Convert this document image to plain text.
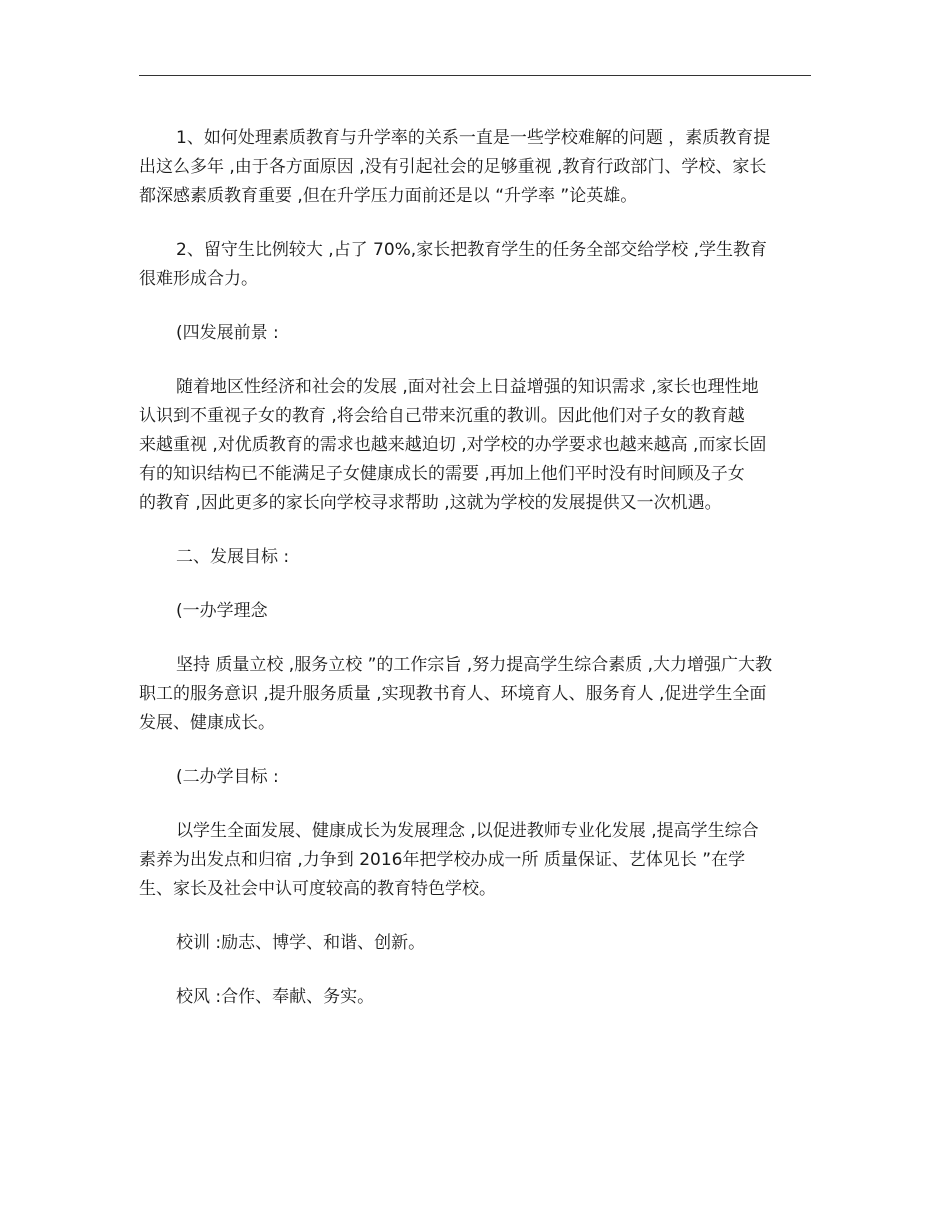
1、如何处理素质教育与升学率的关系一直是一些学校难解的问题 ，素质教育提
出这么多年 ,由于各方面原因 ,没有引起社会的足够重视 ,教育行政部门、学校、家长
都深感素质教育重要 ,但在升学压力面前还是以 “升学率 ”论英雄。

2、留守生比例较大 ,占了 70%,家长把教育学生的任务全部交给学校 ,学生教育
很难形成合力。

(四发展前景 :

随着地区性经济和社会的发展 ,面对社会上日益增强的知识需求 ,家长也理性地
认识到不重视子女的教育 ,将会给自己带来沉重的教训。因此他们对子女的教育越
来越重视 ,对优质教育的需求也越来越迫切 ,对学校的办学要求也越来越高 ,而家长固
有的知识结构已不能满足子女健康成长的需要 ,再加上他们平时没有时间顾及子女
的教育 ,因此更多的家长向学校寻求帮助 ,这就为学校的发展提供又一次机遇。

二、发展目标 :

(一办学理念

坚持 质量立校 ,服务立校 ”的工作宗旨 ,努力提高学生综合素质 ,大力增强广大教
职工的服务意识 ,提升服务质量 ,实现教书育人、环境育人、服务育人 ,促进学生全面
发展、健康成长。

(二办学目标 :

以学生全面发展、健康成长为发展理念 ,以促进教师专业化发展 ,提高学生综合
素养为出发点和归宿 ,力争到 2016年把学校办成一所 质量保证、艺体见长 ”在学
生、家长及社会中认可度较高的教育特色学校。

校训 :励志、博学、和谐、创新。

校风 :合作、奉献、务实。
